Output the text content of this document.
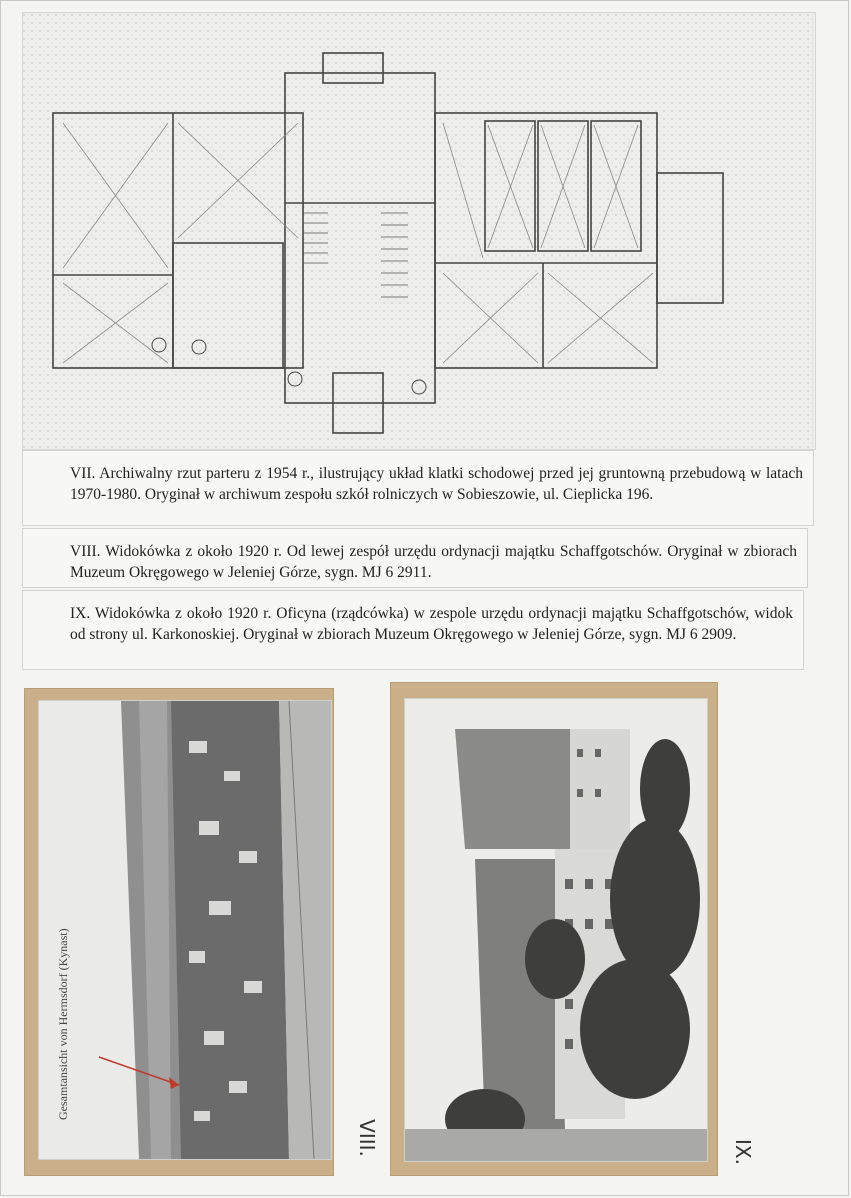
VII. Archiwalny rzut parteru z 1954 r., ilustrujący układ klatki schodowej przed jej gruntowną przebudową w latach 1970-1980. Oryginał w archiwum zespołu szkół rolniczych w Sobieszowie, ul. Cieplicka 196.
VIII. Widokówka z około 1920 r. Od lewej zespół urzędu ordynacji majątku Schaffgotschów. Oryginał w zbiorach Muzeum Okręgowego w Jeleniej Górze, sygn. MJ 6 2911.
IX. Widokówka z około 1920 r. Oficyna (rządcówka) w zespole urzędu ordynacji majątku Schaffgotschów, widok od strony ul. Karkonoskiej. Oryginał w zbiorach Muzeum Okręgowego w Jeleniej Górze, sygn. MJ 6 2909.
Gesamtansicht von Hermsdorf (Kynast)
VIII.	IX.
